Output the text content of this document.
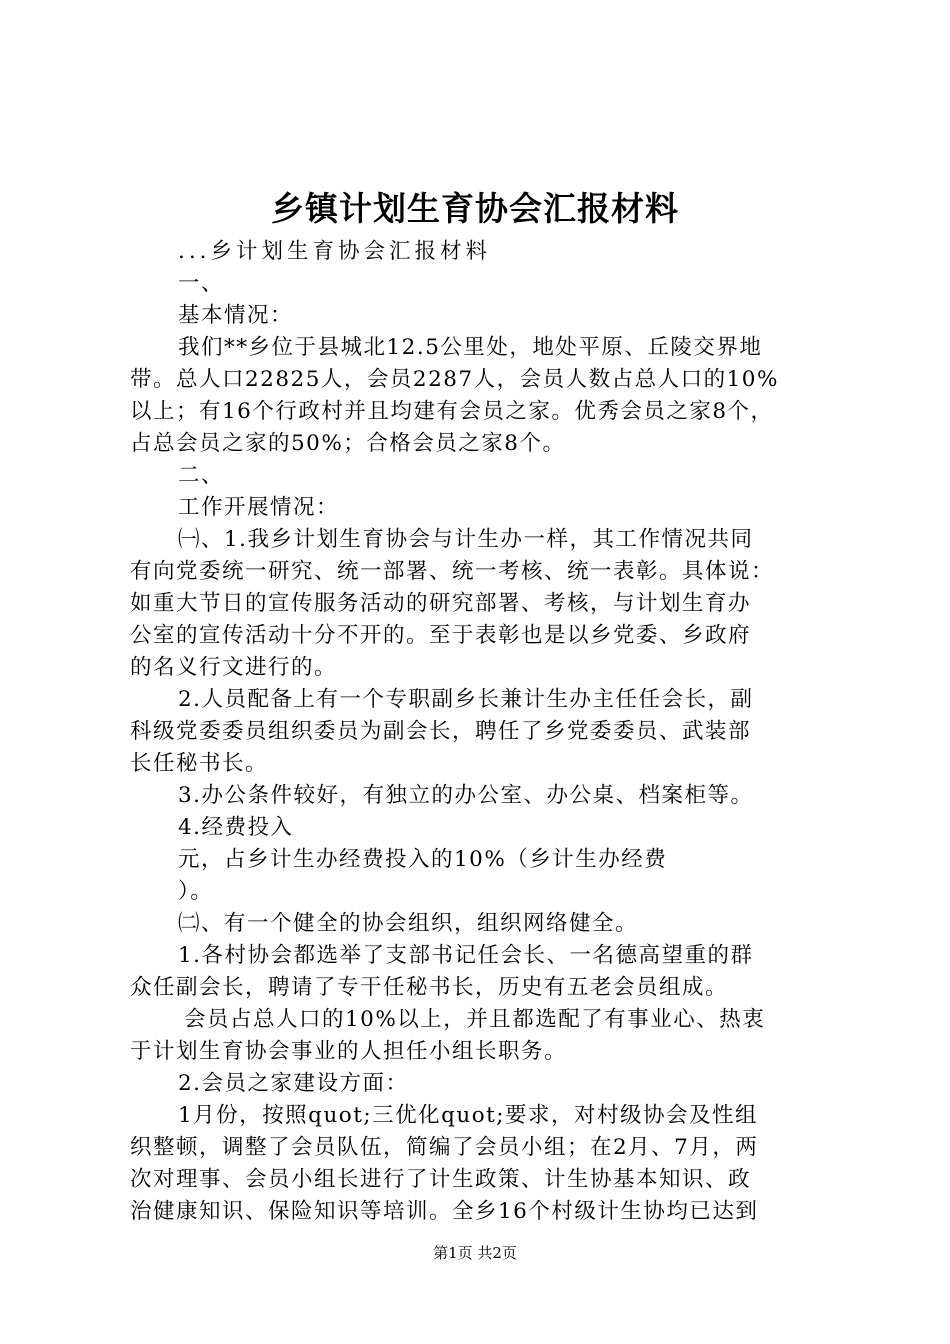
乡镇计划生育协会汇报材料
...乡计划生育协会汇报材料
一、
基本情况：
我们**乡位于县城北12.5公里处，地处平原、丘陵交界地
带。总人口22825人，会员2287人，会员人数占总人口的10%
以上；有16个行政村并且均建有会员之家。优秀会员之家8个，
占总会员之家的50%；合格会员之家8个。
二、
工作开展情况：
㈠、1.我乡计划生育协会与计生办一样，其工作情况共同
有向党委统一研究、统一部署、统一考核、统一表彰。具体说：
如重大节日的宣传服务活动的研究部署、考核，与计划生育办
公室的宣传活动十分不开的。至于表彰也是以乡党委、乡政府
的名义行文进行的。
2.人员配备上有一个专职副乡长兼计生办主任任会长，副
科级党委委员组织委员为副会长，聘任了乡党委委员、武装部
长任秘书长。
3.办公条件较好，有独立的办公室、办公桌、档案柜等。
4.经费投入
元，占乡计生办经费投入的10%（乡计生办经费
）。
㈡、有一个健全的协会组织，组织网络健全。
1.各村协会都选举了支部书记任会长、一名德高望重的群
众任副会长，聘请了专干任秘书长，历史有五老会员组成。
会员占总人口的10%以上，并且都选配了有事业心、热衷
于计划生育协会事业的人担任小组长职务。
2.会员之家建设方面：
1月份，按照quot;三优化quot;要求，对村级协会及性组
织整顿，调整了会员队伍，简编了会员小组；在2月、7月，两
次对理事、会员小组长进行了计生政策、计生协基本知识、政
治健康知识、保险知识等培训。全乡16个村级计生协均已达到
第1页 共2页
